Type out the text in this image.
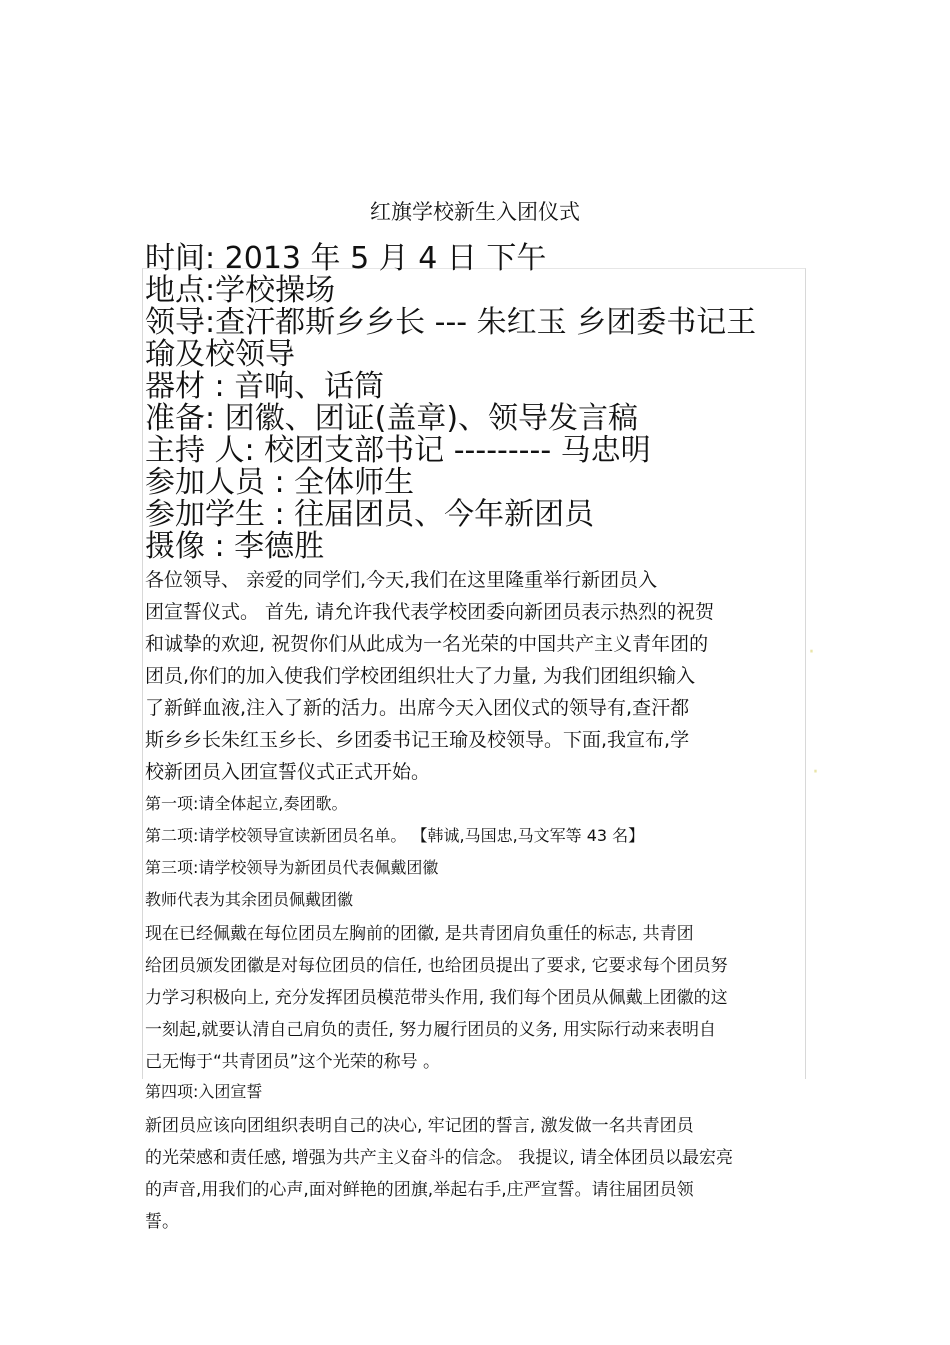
红旗学校新生入团仪式
时间: 2013 年 5 月 4 日 下午
地点:学校操场
领导:查汗都斯乡乡长 --- 朱红玉 乡团委书记王
瑜及校领导
器材 : 音响、话筒
准备: 团徽、团证(盖章)、领导发言稿
主持 人: 校团支部书记 --------- 马忠明
参加人员 : 全体师生
参加学生 : 往届团员、今年新团员
摄像 : 李德胜
各位领导、 亲爱的同学们,今天,我们在这里隆重举行新团员入
团宣誓仪式。 首先, 请允许我代表学校团委向新团员表示热烈的祝贺
和诚挚的欢迎, 祝贺你们从此成为一名光荣的中国共产主义青年团的
团员,你们的加入使我们学校团组织壮大了力量, 为我们团组织输入
了新鲜血液,注入了新的活力。出席今天入团仪式的领导有,查汗都
斯乡乡长朱红玉乡长、乡团委书记王瑜及校领导。下面,我宣布,学
校新团员入团宣誓仪式正式开始。
第一项:请全体起立,奏团歌。
第二项:请学校领导宣读新团员名单。 【韩诚,马国忠,马文军等 43 名】
第三项:请学校领导为新团员代表佩戴团徽
教师代表为其余团员佩戴团徽
现在已经佩戴在每位团员左胸前的团徽, 是共青团肩负重任的标志, 共青团
给团员颁发团徽是对每位团员的信任, 也给团员提出了要求, 它要求每个团员努
力学习积极向上, 充分发挥团员模范带头作用, 我们每个团员从佩戴上团徽的这
一刻起,就要认清自己肩负的责任, 努力履行团员的义务, 用实际行动来表明自
己无悔于“共青团员”这个光荣的称号 。
第四项:入团宣誓
新团员应该向团组织表明自己的决心, 牢记团的誓言, 激发做一名共青团员
的光荣感和责任感, 增强为共产主义奋斗的信念。 我提议, 请全体团员以最宏亮
的声音,用我们的心声,面对鲜艳的团旗,举起右手,庄严宣誓。请往届团员领
誓。
·
·
